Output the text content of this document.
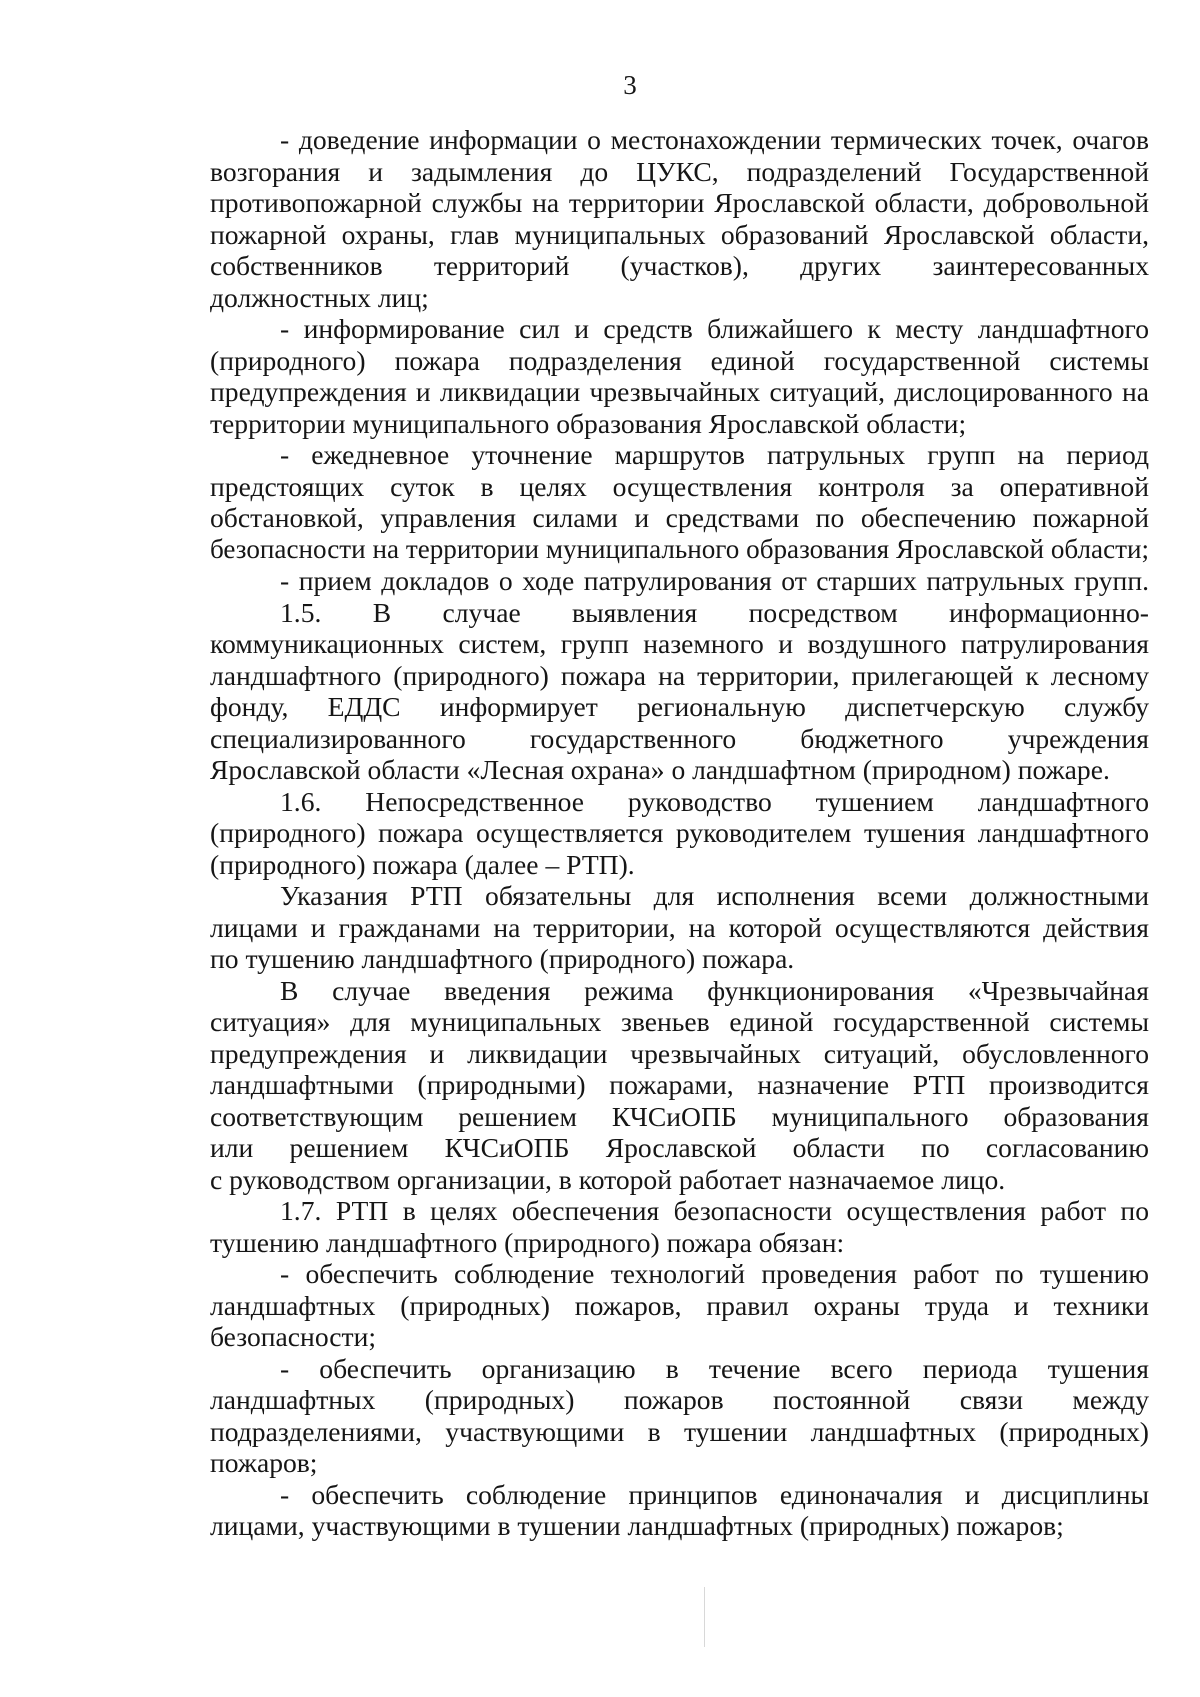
3
- доведение информации о местонахождении термических точек, очагов
возгорания и задымления до ЦУКС, подразделений Государственной
противопожарной службы на территории Ярославской области, добровольной
пожарной охраны, глав муниципальных образований Ярославской области,
собственников территорий (участков), других заинтересованных
должностных лиц;
- информирование сил и средств ближайшего к месту ландшафтного
(природного) пожара подразделения единой государственной системы
предупреждения и ликвидации чрезвычайных ситуаций, дислоцированного на
территории муниципального образования Ярославской области;
- ежедневное уточнение маршрутов патрульных групп на период
предстоящих суток в целях осуществления контроля за оперативной
обстановкой, управления силами и средствами по обеспечению пожарной
безопасности на территории муниципального образования Ярославской области;
- прием докладов о ходе патрулирования от старших патрульных групп.
1.5. В случае выявления посредством информационно-
коммуникационных систем, групп наземного и воздушного патрулирования
ландшафтного (природного) пожара на территории, прилегающей к лесному
фонду, ЕДДС информирует региональную диспетчерскую службу
специализированного государственного бюджетного учреждения
Ярославской области «Лесная охрана» о ландшафтном (природном) пожаре.
1.6. Непосредственное руководство тушением ландшафтного
(природного) пожара осуществляется руководителем тушения ландшафтного
(природного) пожара (далее – РТП).
Указания РТП обязательны для исполнения всеми должностными
лицами и гражданами на территории, на которой осуществляются действия
по тушению ландшафтного (природного) пожара.
В случае введения режима функционирования «Чрезвычайная
ситуация» для муниципальных звеньев единой государственной системы
предупреждения и ликвидации чрезвычайных ситуаций, обусловленного
ландшафтными (природными) пожарами, назначение РТП производится
соответствующим решением КЧСиОПБ муниципального образования
или решением КЧСиОПБ Ярославской области по согласованию
с руководством организации, в которой работает назначаемое лицо.
1.7. РТП в целях обеспечения безопасности осуществления работ по
тушению ландшафтного (природного) пожара обязан:
- обеспечить соблюдение технологий проведения работ по тушению
ландшафтных (природных) пожаров, правил охраны труда и техники
безопасности;
- обеспечить организацию в течение всего периода тушения
ландшафтных (природных) пожаров постоянной связи между
подразделениями, участвующими в тушении ландшафтных (природных)
пожаров;
- обеспечить соблюдение принципов единоначалия и дисциплины
лицами, участвующими в тушении ландшафтных (природных) пожаров;
